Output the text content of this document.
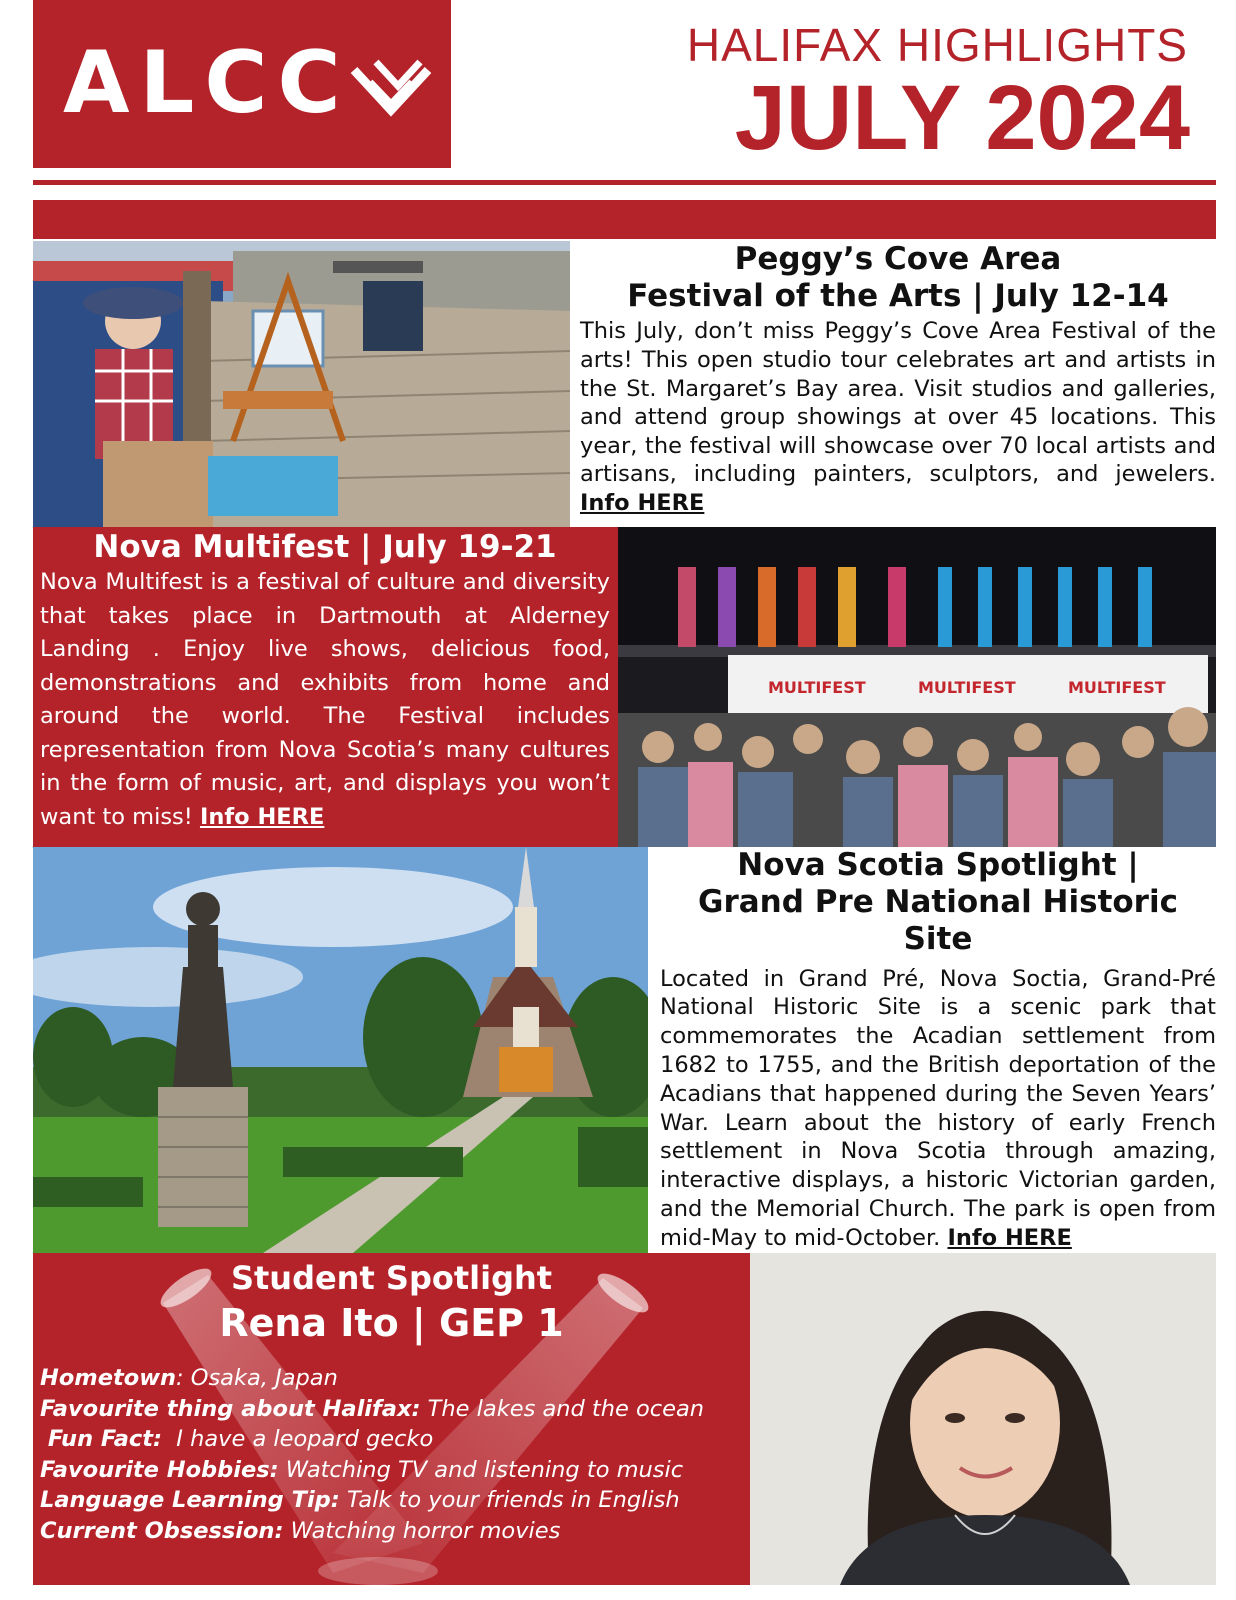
ALCC	HALIFAX HIGHLIGHTS
JULY 2024
Peggy’s Cove Area
Festival of the Arts | July 12-14
This July, don’t miss Peggy’s Cove Area Festival of the arts! This open studio tour celebrates art and artists in the St. Margaret’s Bay area. Visit studios and galleries, and attend group showings at over 45 locations. This year, the festival will showcase over 70 local artists and artisans, including painters, sculptors, and jewelers. Info HERE
Nova Multifest | July 19-21
Nova Multifest is a festival of culture and diversity that takes place in Dartmouth at Alderney Landing . Enjoy live shows, delicious food, demonstrations and exhibits from home and around the world. The Festival includes representation from Nova Scotia’s many cultures in the form of music, art, and displays you won’t want to miss! Info HERE
MULTIFEST	MULTIFEST	MULTIFEST
Nova Scotia Spotlight |
Grand Pre National Historic Site
Located in Grand Pré, Nova Soctia, Grand-Pré National Historic Site is a scenic park that commemorates the Acadian settlement from 1682 to 1755, and the British deportation of the Acadians that happened during the Seven Years’ War. Learn about the history of early French settlement in Nova Scotia through amazing, interactive displays, a historic Victorian garden, and the Memorial Church. The park is open from mid-May to mid-October. Info HERE
Student Spotlight
Rena Ito | GEP 1
Hometown: Osaka, Japan
Favourite thing about Halifax: The lakes and the ocean
Fun Fact: I have a leopard gecko
Favourite Hobbies: Watching TV and listening to music
Language Learning Tip: Talk to your friends in English
Current Obsession: Watching horror movies
